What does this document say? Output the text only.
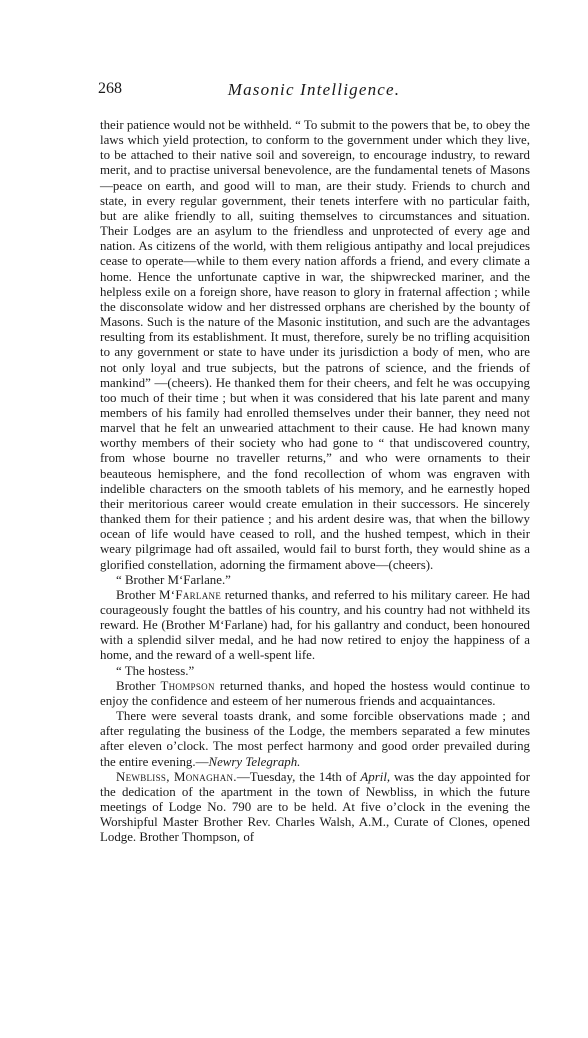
268	Masonic Intelligence.

their patience would not be withheld. “ To submit to the powers that be, to obey the laws which yield protection, to conform to the government under which they live, to be attached to their native soil and sovereign, to encourage industry, to reward merit, and to practise universal benevolence, are the fundamental tenets of Masons—peace on earth, and good will to man, are their study. Friends to church and state, in every regular government, their tenets interfere with no particular faith, but are alike friendly to all, suiting themselves to circumstances and situation. Their Lodges are an asylum to the friendless and unprotected of every age and nation. As citizens of the world, with them religious antipathy and local prejudices cease to operate—while to them every nation affords a friend, and every climate a home. Hence the unfortunate captive in war, the shipwrecked mariner, and the helpless exile on a foreign shore, have reason to glory in fraternal affection ; while the disconsolate widow and her distressed orphans are cherished by the bounty of Masons. Such is the nature of the Masonic institution, and such are the advantages resulting from its establishment. It must, therefore, surely be no trifling acquisition to any government or state to have under its jurisdiction a body of men, who are not only loyal and true subjects, but the patrons of science, and the friends of mankind” —(cheers). He thanked them for their cheers, and felt he was occupying too much of their time ; but when it was considered that his late parent and many members of his family had enrolled themselves under their banner, they need not marvel that he felt an unwearied attachment to their cause. He had known many worthy members of their society who had gone to “ that undiscovered country, from whose bourne no traveller returns,” and who were ornaments to their beauteous hemisphere, and the fond recollection of whom was engraven with indelible characters on the smooth tablets of his memory, and he earnestly hoped their meritorious career would create emulation in their successors. He sincerely thanked them for their patience ; and his ardent desire was, that when the billowy ocean of life would have ceased to roll, and the hushed tempest, which in their weary pilgrimage had oft assailed, would fail to burst forth, they would shine as a glorified constellation, adorning the firmament above—(cheers).

“ Brother M‘Farlane.”

Brother M‘Farlane returned thanks, and referred to his military career. He had courageously fought the battles of his country, and his country had not withheld its reward. He (Brother M‘Farlane) had, for his gallantry and conduct, been honoured with a splendid silver medal, and he had now retired to enjoy the happiness of a home, and the reward of a well-spent life.

“ The hostess.”

Brother Thompson returned thanks, and hoped the hostess would continue to enjoy the confidence and esteem of her numerous friends and acquaintances.

There were several toasts drank, and some forcible observations made ; and after regulating the business of the Lodge, the members separated a few minutes after eleven o’clock. The most perfect harmony and good order prevailed during the entire evening.—Newry Telegraph.

Newbliss, Monaghan.—Tuesday, the 14th of April, was the day appointed for the dedication of the apartment in the town of Newbliss, in which the future meetings of Lodge No. 790 are to be held. At five o’clock in the evening the Worshipful Master Brother Rev. Charles Walsh, A.M., Curate of Clones, opened Lodge. Brother Thompson, of
